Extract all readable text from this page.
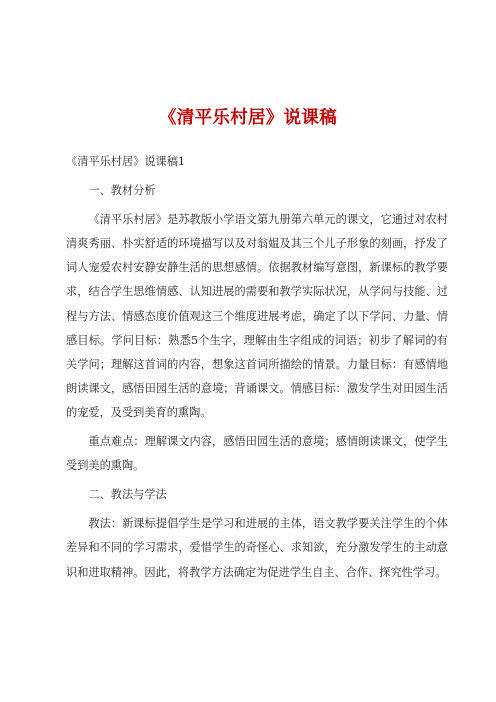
《清平乐村居》说课稿

《清平乐村居》说课稿1

一、教材分析

《清平乐村居》是苏教版小学语文第九册第六单元的课文，它通过对农村清爽秀丽、朴实舒适的环境描写以及对翁媪及其三个儿子形象的刻画，抒发了词人宠爱农村安静安静生活的思想感情。依据教材编写意图，新课标的教学要求，结合学生思维情感、认知进展的需要和教学实际状况，从学问与技能、过程与方法、情感态度价值观这三个维度进展考虑，确定了以下学问、力量、情感目标。学问目标：熟悉5个生字，理解由生字组成的词语；初步了解词的有关学问；理解这首词的内容，想象这首词所描绘的情景。力量目标：有感情地朗读课文，感悟田园生活的意境；背诵课文。情感目标：激发学生对田园生活的宠爱，及受到美育的熏陶。

重点难点：理解课文内容，感悟田园生活的意境；感情朗读课文，使学生受到美的熏陶。

二、教法与学法

教法：新课标提倡学生是学习和进展的主体，语文教学要关注学生的个体差异和不同的学习需求，爱惜学生的奇怪心、求知欲，充分激发学生的主动意识和进取精神。因此，将教学方法确定为促进学生自主、合作、探究性学习。
